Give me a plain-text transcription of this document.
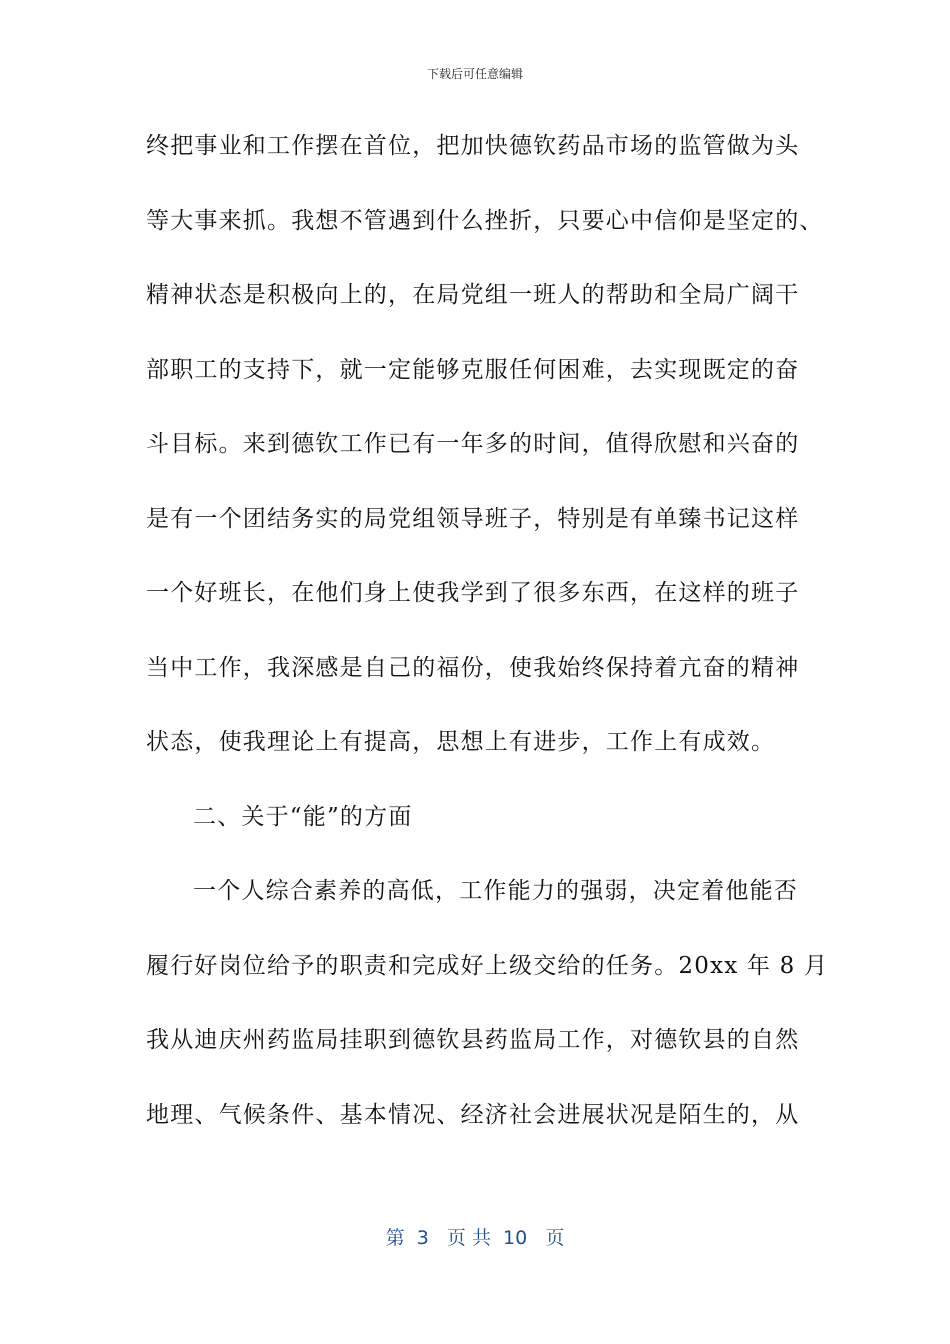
下载后可任意编辑
终把事业和工作摆在首位，把加快德钦药品市场的监管做为头
等大事来抓。我想不管遇到什么挫折，只要心中信仰是坚定的、
精神状态是积极向上的，在局党组一班人的帮助和全局广阔干
部职工的支持下，就一定能够克服任何困难，去实现既定的奋
斗目标。来到德钦工作已有一年多的时间，值得欣慰和兴奋的
是有一个团结务实的局党组领导班子，特别是有单臻书记这样
一个好班长，在他们身上使我学到了很多东西，在这样的班子
当中工作，我深感是自己的福份，使我始终保持着亢奋的精神
状态，使我理论上有提高，思想上有进步，工作上有成效。
二、关于“能”的方面
一个人综合素养的高低，工作能力的强弱，决定着他能否
履行好岗位给予的职责和完成好上级交给的任务。20xx 年 8 月
我从迪庆州药监局挂职到德钦县药监局工作，对德钦县的自然
地理、气候条件、基本情况、经济社会进展状况是陌生的，从
第  3   页 共  10   页
